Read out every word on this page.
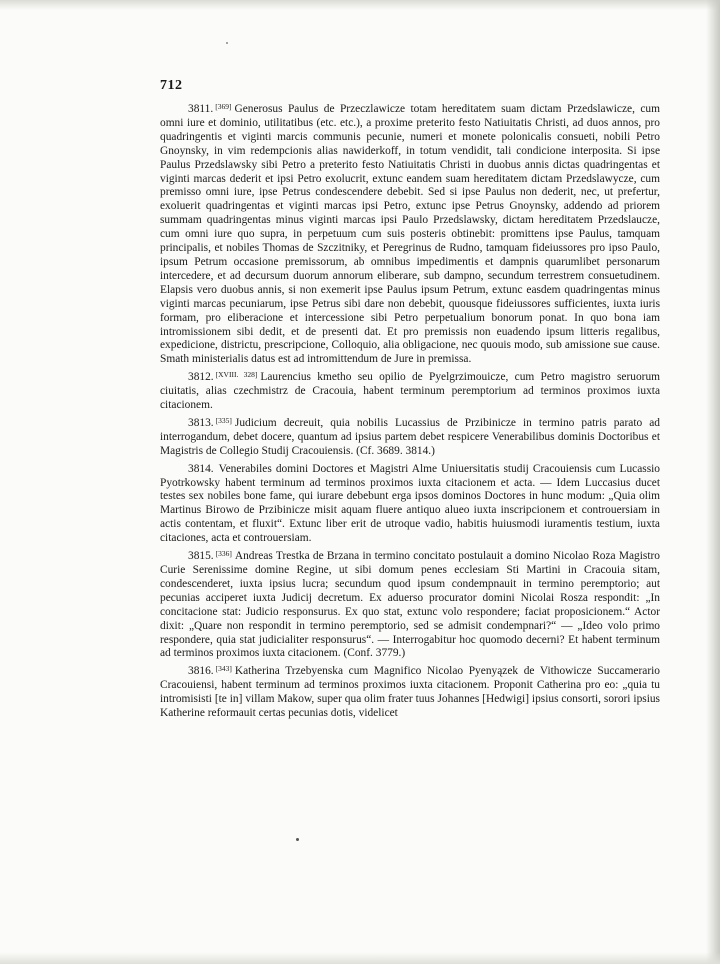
712

3811. [369] Generosus Paulus de Przeczlawicze totam hereditatem suam dictam Przedslawicze, cum omni iure et dominio, utilitatibus (etc. etc.), a proxime preterito festo Natiuitatis Christi, ad duos annos, pro quadringentis et viginti marcis communis pecunie, numeri et monete polonicalis consueti, nobili Petro Gnoynsky, in vim redempcionis alias nawiderkoff, in totum vendidit, tali condicione interposita. Si ipse Paulus Przedslawsky sibi Petro a preterito festo Natiuitatis Christi in duobus annis dictas quadringentas et viginti marcas dederit et ipsi Petro exolucrit, extunc eandem suam hereditatem dictam Przedslawycze, cum premisso omni iure, ipse Petrus condescendere debebit. Sed si ipse Paulus non dederit, nec, ut prefertur, exoluerit quadringentas et viginti marcas ipsi Petro, extunc ipse Petrus Gnoynsky, addendo ad priorem summam quadringentas minus viginti marcas ipsi Paulo Przedslawsky, dictam hereditatem Przedslaucze, cum omni iure quo supra, in perpetuum cum suis posteris obtinebit: promittens ipse Paulus, tamquam principalis, et nobiles Thomas de Szczitniky, et Peregrinus de Rudno, tamquam fideiussores pro ipso Paulo, ipsum Petrum occasione premissorum, ab omnibus impedimentis et dampnis quarumlibet personarum intercedere, et ad decursum duorum annorum eliberare, sub dampno, secundum terrestrem consuetudinem. Elapsis vero duobus annis, si non exemerit ipse Paulus ipsum Petrum, extunc easdem quadringentas minus viginti marcas pecuniarum, ipse Petrus sibi dare non debebit, quousque fideiussores sufficientes, iuxta iuris formam, pro eliberacione et intercessione sibi Petro perpetualium bonorum ponat. In quo bona iam intromissionem sibi dedit, et de presenti dat. Et pro premissis non euadendo ipsum litteris regalibus, expedicione, districtu, prescripcione, Colloquio, alia obligacione, nec quouis modo, sub amissione sue cause. Smath ministerialis datus est ad intromittendum de Jure in premissa.

3812. [XVIII. 328] Laurencius kmetho seu opilio de Pyelgrzimouicze, cum Petro magistro seruorum ciuitatis, alias czechmistrz de Cracouia, habent terminum peremptorium ad terminos proximos iuxta citacionem.

3813. [335] Judicium decreuit, quia nobilis Lucassius de Przibinicze in termino patris parato ad interrogandum, debet docere, quantum ad ipsius partem debet respicere Venerabilibus dominis Doctoribus et Magistris de Collegio Studij Cracouiensis. (Cf. 3689. 3814.)

3814. Venerabiles domini Doctores et Magistri Alme Uniuersitatis studij Cracouiensis cum Lucassio Pyotrkowsky habent terminum ad terminos proximos iuxta citacionem et acta. — Idem Luccasius ducet testes sex nobiles bone fame, qui iurare debebunt erga ipsos dominos Doctores in hunc modum: „Quia olim Martinus Birowo de Przibinicze misit aquam fluere antiquo alueo iuxta inscripcionem et controuersiam in actis contentam, et fluxit“. Extunc liber erit de utroque vadio, habitis huiusmodi iuramentis testium, iuxta citaciones, acta et controuersiam.

3815. [336] Andreas Trestka de Brzana in termino concitato postulauit a domino Nicolao Roza Magistro Curie Serenissime domine Regine, ut sibi domum penes ecclesiam Sti Martini in Cracouia sitam, condescenderet, iuxta ipsius lucra; secundum quod ipsum condempnauit in termino peremptorio; aut pecunias acciperet iuxta Judicij decretum. Ex aduerso procurator domini Nicolai Rosza respondit: „In concitacione stat: Judicio responsurus. Ex quo stat, extunc volo respondere; faciat proposicionem.“ Actor dixit: „Quare non respondit in termino peremptorio, sed se admisit condempnari?“ — „Ideo volo primo respondere, quia stat judicialiter responsurus“. — Interrogabitur hoc quomodo decerni? Et habent terminum ad terminos proximos iuxta citacionem. (Conf. 3779.)

3816. [343] Katherina Trzebyenska cum Magnifico Nicolao Pyenyązek de Vithowicze Succamerario Cracouiensi, habent terminum ad terminos proximos iuxta citacionem. Proponit Catherina pro eo: „quia tu intromisisti [te in] villam Makow, super qua olim frater tuus Johannes [Hedwigi] ipsius consorti, sorori ipsius Katherine reformauit certas pecunias dotis, videlicet
